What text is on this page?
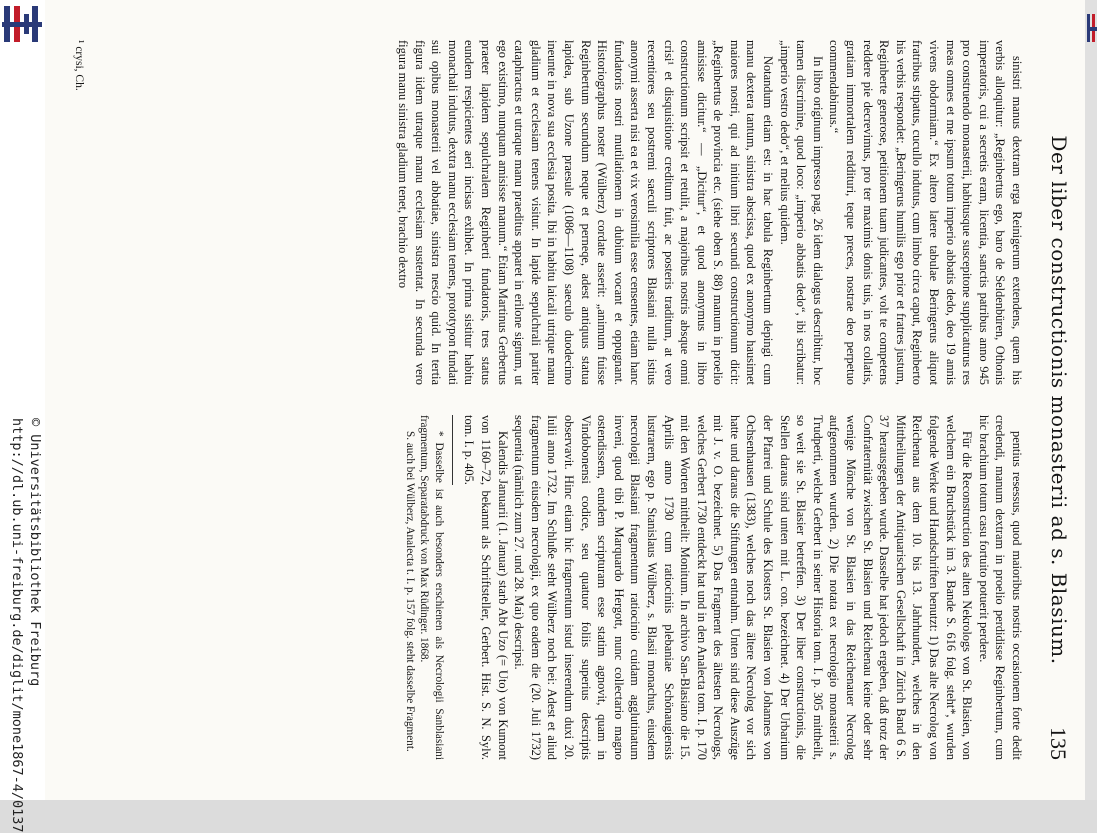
http://dl.ub.uni-freiburg.de/diglit/mone1867-4/0137 © Universitätsbibliothek Freiburg	Der liber constructionis monasterii ad s. Blasium.
135

sinistri manus dextram erga Reinigerum extendens, quem his verbis alloquitur: „Reginbertus ego, baro de Seldenbüren, Othonis imperatoris, cui a secretis eram, licentia, sanctis patribus anno 945 pro construendo monasterii, habitusque suscepitone supplicaturus res meas omnes et me ipsum totum imperio abbatis dedo, deo 19 annis vivens obdormiam.“ Ex altero latere tabulae Beringerus aliquot fratribus stipatus, cucullo indutus, cum limbo circa caput, Reginberto his verbis respondet: „Beringerus humilis ego prior et fratres justum, Reginberte generose, petitionem tuam judicantes, volt te competens reddere pie decrevimus, pro ter maximis donis tuis, in nos collatis, gratiam immortalem reddituri, teque preces, nostrae deo perpetuo commendabimus.“

In libro originum impresso pag. 26 idem dialogus describitur, hoc tamen discrimine, quod loco: „imperio abbatis dedo“, ibi scribatur: „imperio vestro dedo“, et melius quidem.

Notandum etiam est: in hac tabula Reginbertum depingi cum manu dextera tantum, sinistra abscissa, quod ex anonymo hausimet maiores nostri, qui ad initium libri secundi constructionum dicit: „Reginbertus de provincia etc. (siehe oben S. 88) manum in proelio amisisse dicitur.“ — „Dicitur“, et quod anonymus in libro constructionum scripsit et retulit, a majoribus nostris absque omni crisi¹ et disquisitione creditum fuit, ac posteris traditum, at vero recentiores seu postremi saeculi scriptores Blasiani nulla istius anonymi asserta nisi ea et vix verosimilia esse censentes, etiam hanc fundatoris nostri mutilationem in dubium vocant et oppugnant. Historiographus noster (Wülberz) cordate asserit: „animum fuisse Reginbertum secundum neque et perneqe, adest antiquus statua lapidea, sub Uzone praesule (1086—1108) saeculo duodecimo ineunte in nova sua ecclesia posita. Ibi in habitu laicali utrique manu gladium et ecclesiam tenens visitur. In lapide sepulchrali pariter cataphractus et utraque manu praeditus apparet in erilone signum, ut ego existimo, nunquam amisisse manum.“ Etiam Martinus Gerbertus praeter lapidem sepulchralem Reginberti fundatoris, tres status eundem respicientes aeri incisas exhibet. In prima sistitur habitu monachali indutus, dextra manu ecclesiam tenens, prototypon fundati sui opibus monasterii vel abbatiae, sinistra nescio quid. In tertia figura iidem utraque manu ecclesiam sustentat. In secunda vero figura manu sinistra gladium tenet, brachio dextro

pentius resessus, quod maioribus nostris occasionem forte dedit credendi, manum dextram in proelio perdidisse Reginbertum, cum hic brachium totum casu fortuito potuerit perdere.

Für die Reconstruction des alten Nekrologs von St. Blasien, von welchem ein Bruchstück im 3. Bande S. 616 folg. steht*, wurden folgende Werke und Handschriften benutzt: 1) Das alte Necrolog von Reichenau aus dem 10. bis 13. Jahrhundert, welches in den Mittheilungen der Antiquarischen Gesellschaft in Zürich Band 6 S. 37 herausgegeben wurde. Dasselbe hat jedoch ergeben, daß trotz der Confraternität zwischen St. Blasien und Reichenau keine oder sehr wenige Mönche von St. Blasien in das Reichenauer Necrolog aufgenommen wurden. 2) Die notata ex necrologio monasterii s. Trudperti, welche Gerbert in seiner Historia tom. I. p. 305 mittheilt, so weit sie St. Blasier betreffen. 3) Der liber constructionis, die Stellen daraus sind unten mit L. con. bezeichnet. 4) Der Urbarium der Pfarrei und Schule des Klosters St. Blasien von Johannes von Ochsenhausen (1383), welches noch das ältere Necrolog vor sich hatte und daraus die Stiftungen entnahm. Unten sind diese Auszüge mit J. v. O. bezeichnet. 5) Das Fragment des ältesten Necrologs, welches Gerbert 1730 entdeckt hat und in den Analecta tom. I. p. 170 mit den Worten mittheilt: Monitum. In archivo San-Blasiano die 15. Aprilis anno 1730 cum ratiociniis plebaniae Schönaugiensis lustrarem, ego p. Stanislaus Wülberz, s. Blasii monachus, eiusdem necrologii Blasiani fragmentum ratiocinio cuidam agglutinatum inveni, quod tibi P. Marquardo Hergott, nunc collectario magno ostendissem, eundem scripturam esse statim agnovit, quam in Vindobonensi codice, seu quatuor foliis superius descriptis observavit. Hinc etiam hic fragmentum istud inserendum duxi 20. Iulii anno 1732. Im Schluße steht Wülberz noch bei: Adest et aliud fragmentum eiusdem necrologii, ex quo eadem die (20. Juli 1732) sequentia (nämlich zum 27. und 28. Mai) descripsi.

Kalendis Januarii (1. Januar) starb Abt Uzo (= Uto) von Kumont von 1160–72, bekannt als Schriftsteller, Gerbert. Hist. S. N. Sylv. tom. I. p. 405.

* Dasselbe ist auch besonders erschienen als Necrologii Sanblasiani fragmentum, Separatabdruck von Max Rüdinger. 1868.

S. auch bei Wülberz, Analecta t. I. p. 157 folg. steht dasselbe Fragment.

¹ crysi, Ch.
